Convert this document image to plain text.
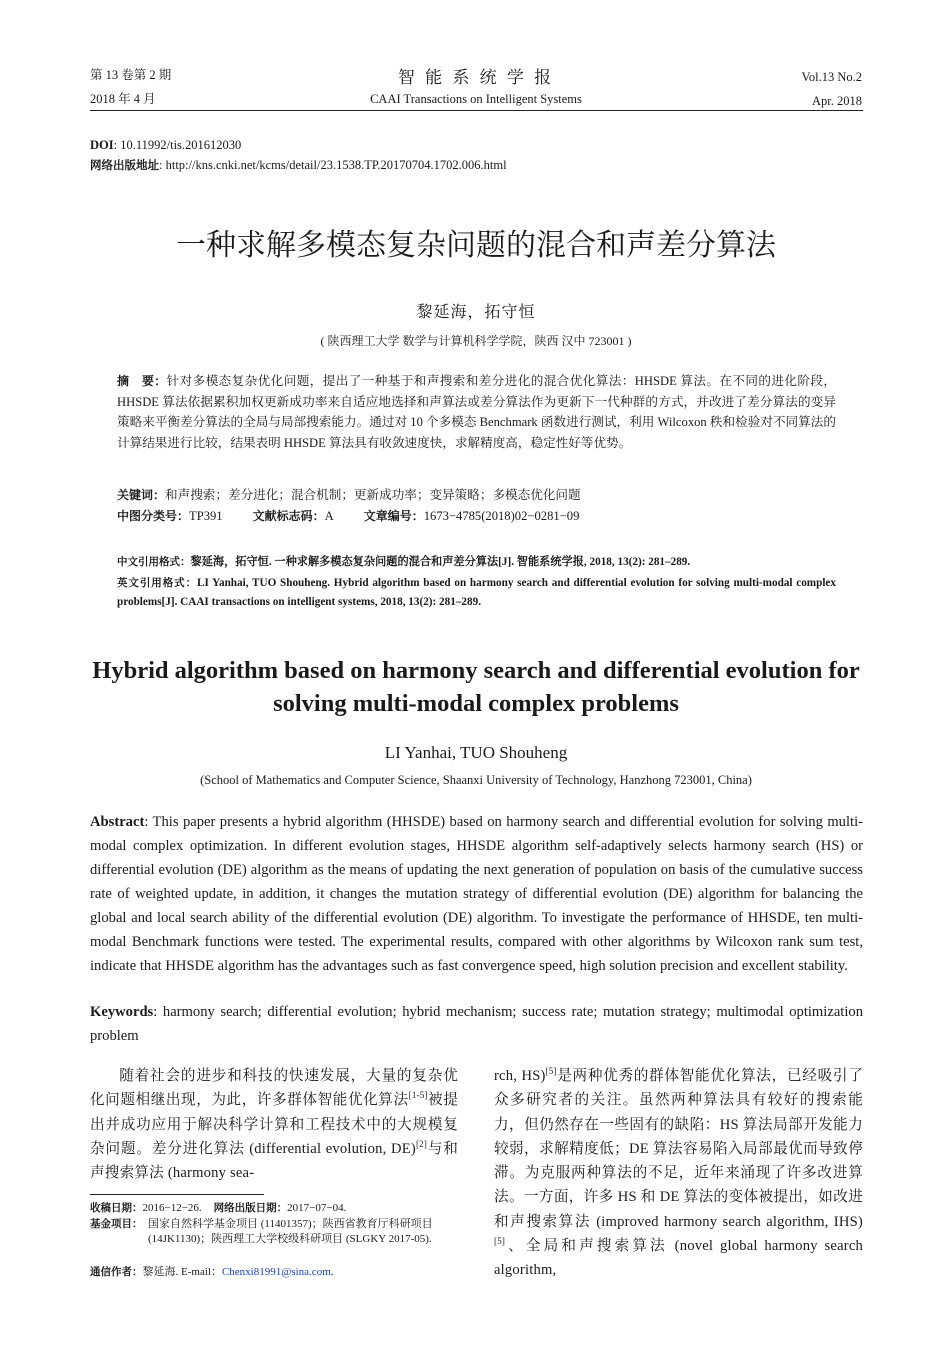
第 13 卷第 2 期
2018 年 4 月
智 能 系 统 学 报
CAAI Transactions on Intelligent Systems
Vol.13 No.2
Apr. 2018
DOI: 10.11992/tis.201612030
网络出版地址: http://kns.cnki.net/kcms/detail/23.1538.TP.20170704.1702.006.html
一种求解多模态复杂问题的混合和声差分算法
黎延海，拓守恒
( 陕西理工大学 数学与计算机科学学院，陕西 汉中 723001 )
摘　要：针对多模态复杂优化问题，提出了一种基于和声搜索和差分进化的混合优化算法：HHSDE 算法。在不同的进化阶段，HHSDE 算法依据累积加权更新成功率来自适应地选择和声算法或差分算法作为更新下一代种群的方式，并改进了差分算法的变异策略来平衡差分算法的全局与局部搜索能力。通过对 10 个多模态 Benchmark 函数进行测试，利用 Wilcoxon 秩和检验对不同算法的计算结果进行比较，结果表明 HHSDE 算法具有收敛速度快，求解精度高，稳定性好等优势。
关键词：和声搜索；差分进化；混合机制；更新成功率；变异策略；多模态优化问题
中图分类号：TP391	文献标志码：A	文章编号：1673−4785(2018)02−0281−09
中文引用格式：黎延海，拓守恒. 一种求解多模态复杂问题的混合和声差分算法[J]. 智能系统学报, 2018, 13(2): 281–289.
英文引用格式：LI Yanhai, TUO Shouheng. Hybrid algorithm based on harmony search and differential evolution for solving multi-modal complex problems[J]. CAAI transactions on intelligent systems, 2018, 13(2): 281–289.
Hybrid algorithm based on harmony search and differential evolution for
solving multi-modal complex problems
LI Yanhai, TUO Shouheng
(School of Mathematics and Computer Science, Shaanxi University of Technology, Hanzhong 723001, China)
Abstract: This paper presents a hybrid algorithm (HHSDE) based on harmony search and differential evolution for solving multi-modal complex optimization. In different evolution stages, HHSDE algorithm self-adaptively selects harmony search (HS) or differential evolution (DE) algorithm as the means of updating the next generation of population on basis of the cumulative success rate of weighted update, in addition, it changes the mutation strategy of differential evolution (DE) algorithm for balancing the global and local search ability of the differential evolution (DE) algorithm. To investigate the performance of HHSDE, ten multi-modal Benchmark functions were tested. The experimental results, compared with other algorithms by Wilcoxon rank sum test, indicate that HHSDE algorithm has the advantages such as fast convergence speed, high solution precision and excellent stability.
Keywords: harmony search; differential evolution; hybrid mechanism; success rate; mutation strategy; multimodal optimization problem
随着社会的进步和科技的快速发展，大量的复杂优化问题相继出现，为此，许多群体智能优化算法[1-5]被提出并成功应用于解决科学计算和工程技术中的大规模复杂问题。差分进化算法 (differential evolution, DE)[2]与和声搜索算法 (harmony sea-
收稿日期：2016−12−26. 网络出版日期：2017−07−04.
基金项目： 国家自然科学基金项目 (11401357)；陕西省教育厅科研项目 (14JK1130)；陕西理工大学校级科研项目 (SLGKY 2017-05).
通信作者：黎延海. E-mail：Chenxi81991@sina.com.
rch, HS)[5]是两种优秀的群体智能优化算法，已经吸引了众多研究者的关注。虽然两种算法具有较好的搜索能力，但仍然存在一些固有的缺陷：HS 算法局部开发能力较弱，求解精度低；DE 算法容易陷入局部最优而导致停滞。为克服两种算法的不足，近年来涌现了许多改进算法。一方面，许多 HS 和 DE 算法的变体被提出，如改进和声搜索算法 (improved harmony search algorithm, IHS)[5]、全局和声搜索算法 (novel global harmony search algorithm,
